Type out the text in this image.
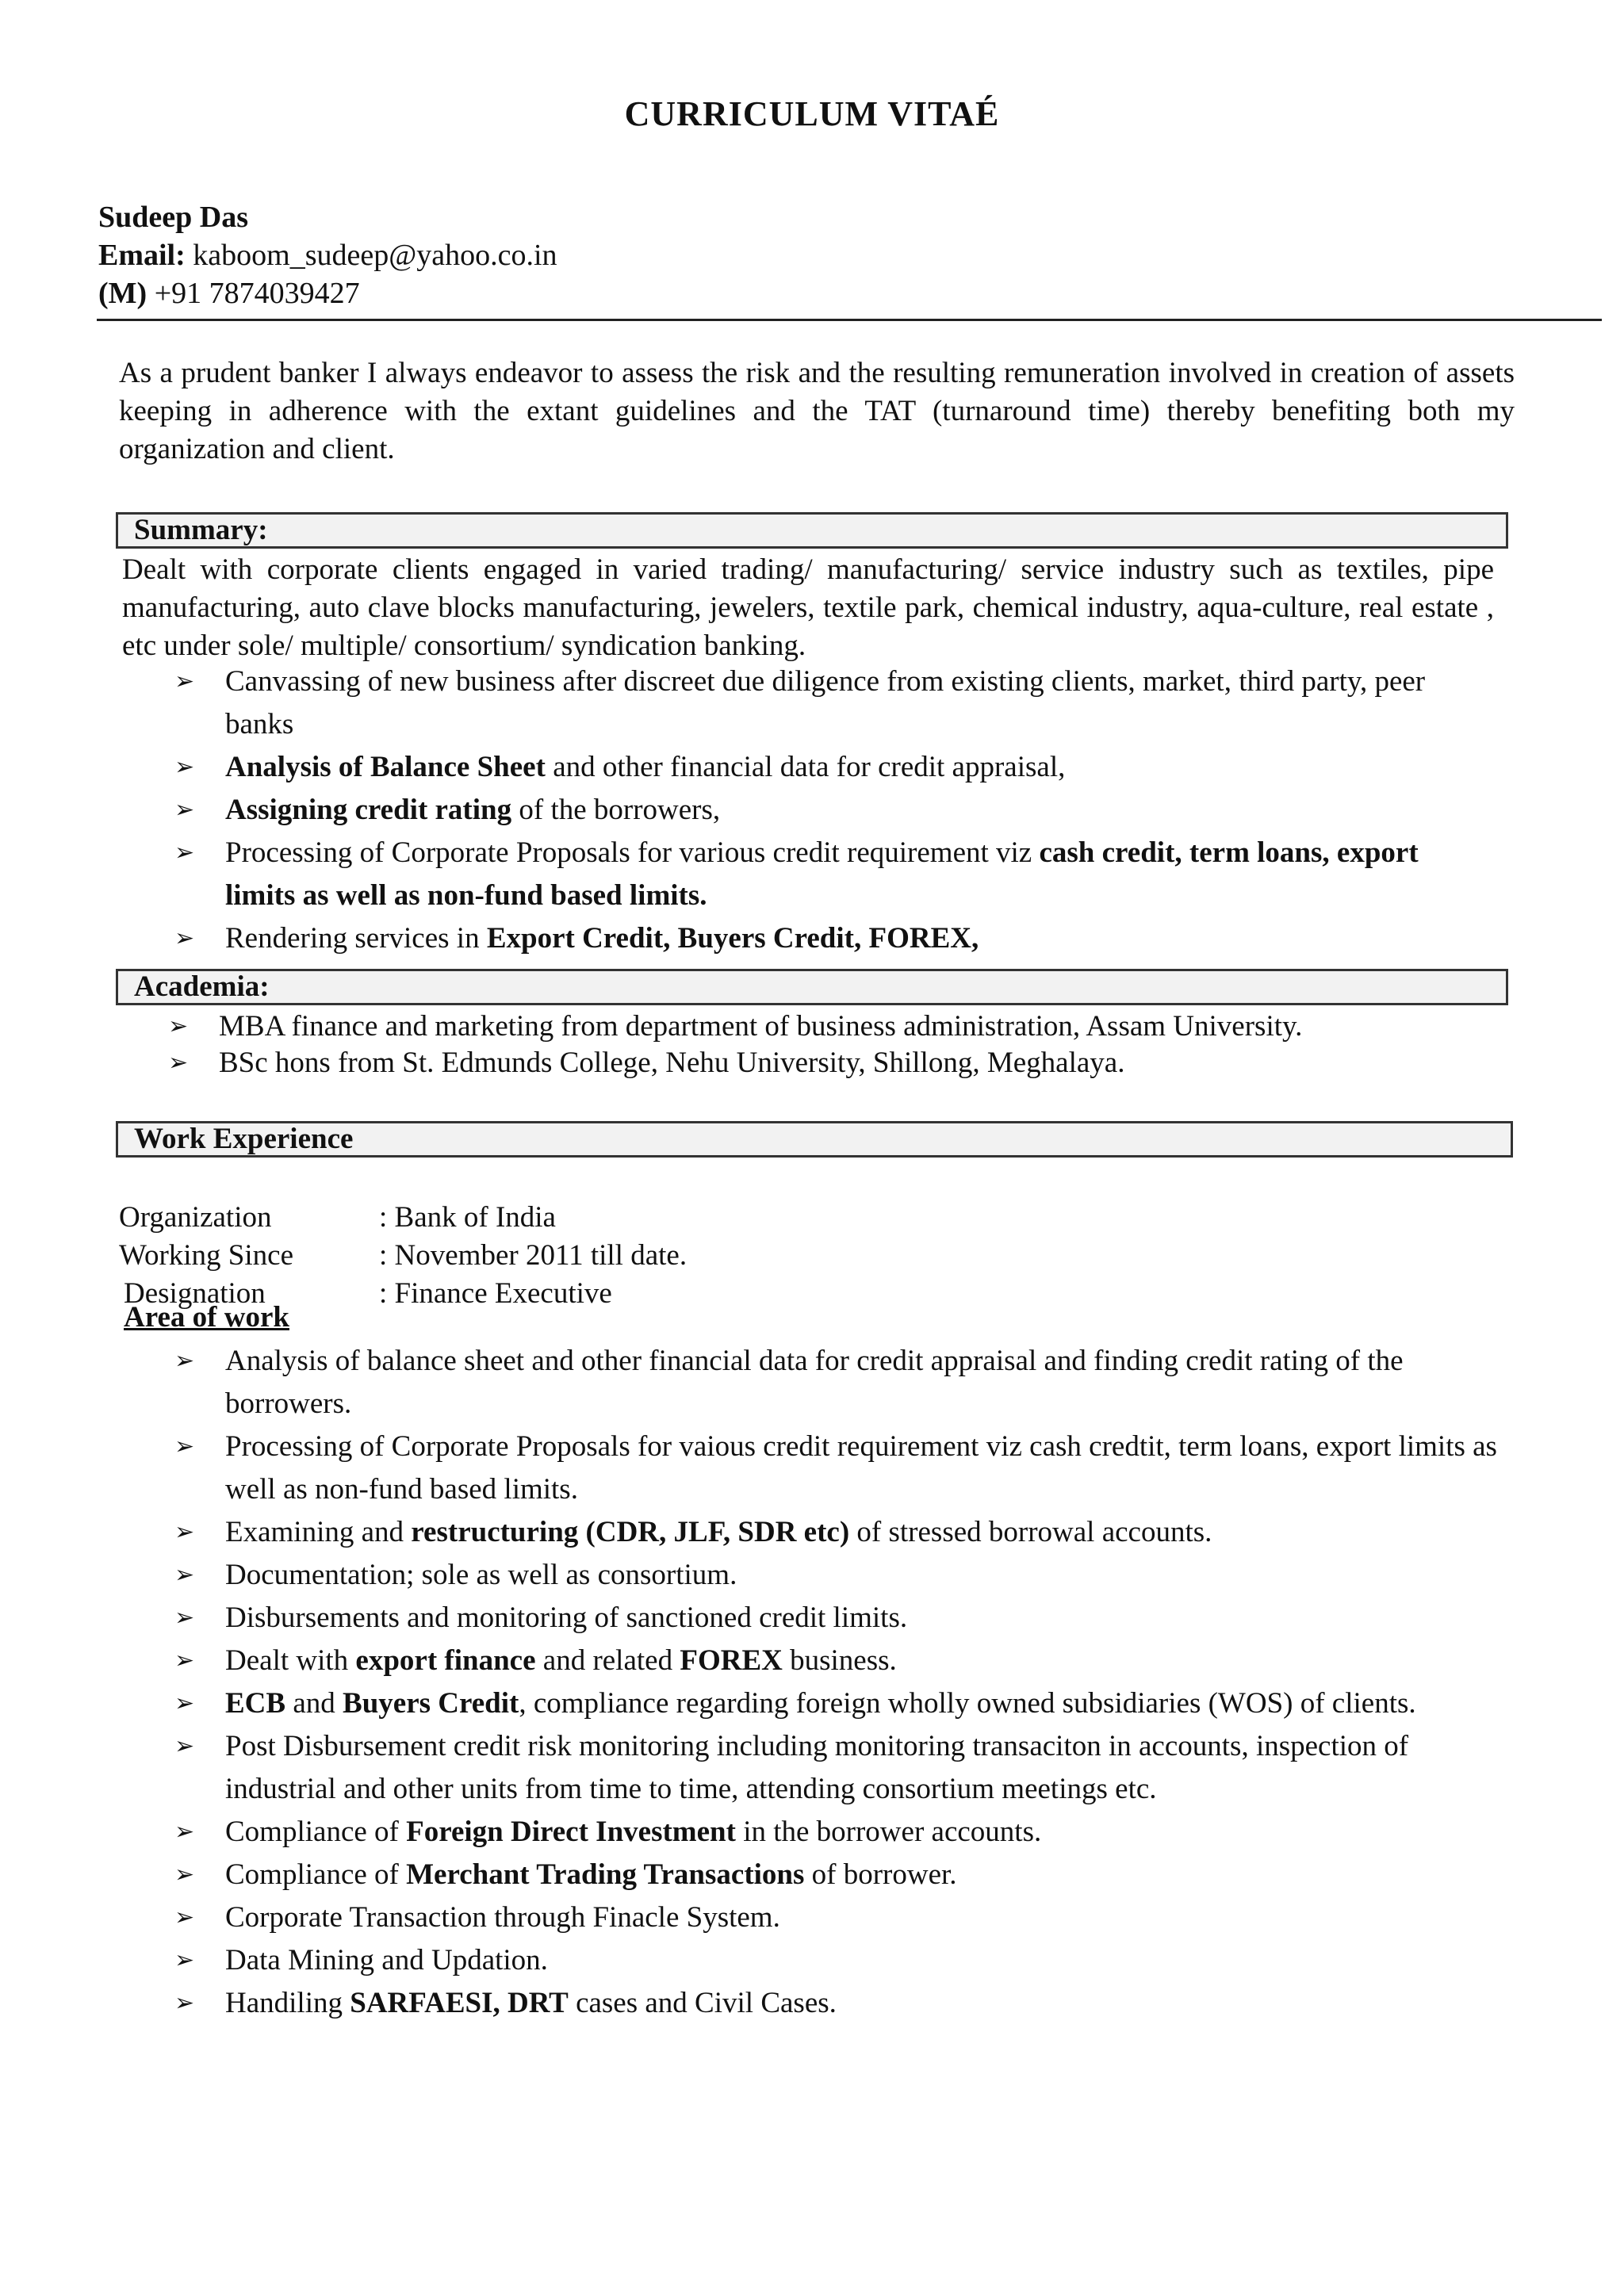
CURRICULUM VITAÉ
Sudeep Das
Email: kaboom_sudeep@yahoo.co.in
(M) +91 7874039427
As a prudent banker I always endeavor to assess the risk and the resulting remuneration involved in creation of assets keeping in adherence with the extant guidelines and the TAT (turnaround time) thereby benefiting both my organization and client.
Summary:
Dealt with corporate clients engaged in varied trading/ manufacturing/ service industry such as textiles, pipe manufacturing, auto clave blocks manufacturing, jewelers, textile park, chemical industry, aqua-culture, real estate , etc under sole/ multiple/ consortium/ syndication banking.
➢ Canvassing of new business after discreet due diligence from existing clients, market, third party, peer banks
➢ Analysis of Balance Sheet and other financial data for credit appraisal,
➢ Assigning credit rating of the borrowers,
➢ Processing of Corporate Proposals for various credit requirement viz cash credit, term loans, export limits as well as non-fund based limits.
➢ Rendering services in Export Credit, Buyers Credit, FOREX,
Academia:
➢ MBA finance and marketing from department of business administration, Assam University.
➢ BSc hons from St. Edmunds College, Nehu University, Shillong, Meghalaya.
Work Experience
Organization	: Bank of India
Working Since	: November 2011 till date.
Designation	: Finance Executive
Area of work
➢ Analysis of balance sheet and other financial data for credit appraisal and finding credit rating of the borrowers.
➢ Processing of Corporate Proposals for vaious credit requirement viz cash credtit, term loans, export limits as well as non-fund based limits.
➢ Examining and restructuring (CDR, JLF, SDR etc) of stressed borrowal accounts.
➢ Documentation; sole as well as consortium.
➢ Disbursements and monitoring of sanctioned credit limits.
➢ Dealt with export finance and related FOREX business.
➢ ECB and Buyers Credit, compliance regarding foreign wholly owned subsidiaries (WOS) of clients.
➢ Post Disbursement credit risk monitoring including monitoring transaciton in accounts, inspection of industrial and other units from time to time, attending consortium meetings etc.
➢ Compliance of Foreign Direct Investment in the borrower accounts.
➢ Compliance of Merchant Trading Transactions of borrower.
➢ Corporate Transaction through Finacle System.
➢ Data Mining and Updation.
➢ Handiling SARFAESI, DRT cases and Civil Cases.
